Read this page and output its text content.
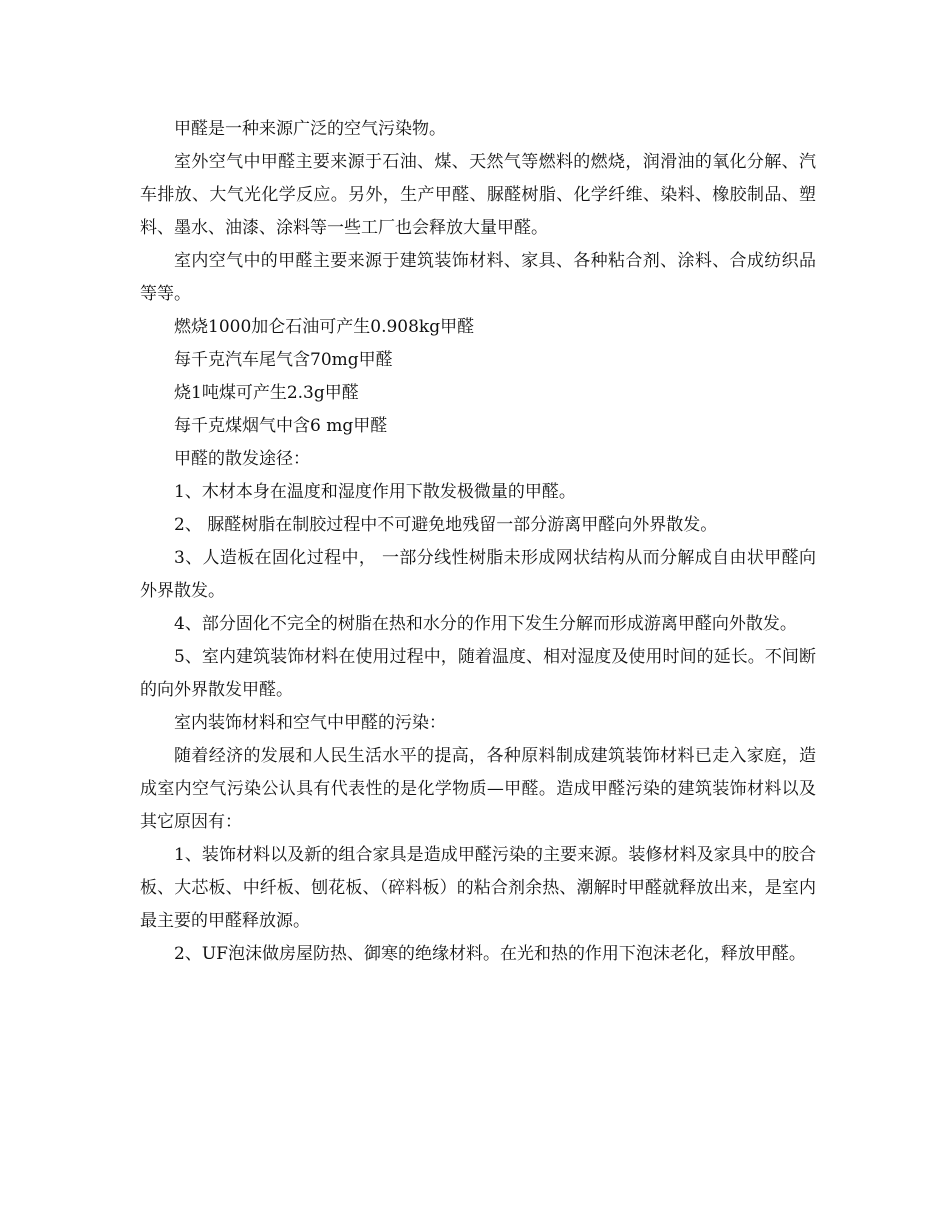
甲醛是一种来源广泛的空气污染物。

室外空气中甲醛主要来源于石油、煤、天然气等燃料的燃烧，润滑油的氧化分解、汽车排放、大气光化学反应。另外，生产甲醛、脲醛树脂、化学纤维、染料、橡胶制品、塑料、墨水、油漆、涂料等一些工厂也会释放大量甲醛。

室内空气中的甲醛主要来源于建筑装饰材料、家具、各种粘合剂、涂料、合成纺织品等等。

燃烧1000加仑石油可产生0.908kg甲醛

每千克汽车尾气含70mg甲醛

烧1吨煤可产生2.3g甲醛

每千克煤烟气中含6 mg甲醛

甲醛的散发途径：

1、木材本身在温度和湿度作用下散发极微量的甲醛。

2、 脲醛树脂在制胶过程中不可避免地残留一部分游离甲醛向外界散发。

3、人造板在固化过程中， 一部分线性树脂未形成网状结构从而分解成自由状甲醛向外界散发。

4、部分固化不完全的树脂在热和水分的作用下发生分解而形成游离甲醛向外散发。

5、室内建筑装饰材料在使用过程中，随着温度、相对湿度及使用时间的延长。不间断的向外界散发甲醛。

室内装饰材料和空气中甲醛的污染：

随着经济的发展和人民生活水平的提高，各种原料制成建筑装饰材料已走入家庭，造成室内空气污染公认具有代表性的是化学物质—甲醛。造成甲醛污染的建筑装饰材料以及其它原因有：

1、装饰材料以及新的组合家具是造成甲醛污染的主要来源。装修材料及家具中的胶合板、大芯板、中纤板、刨花板、（碎料板）的粘合剂余热、潮解时甲醛就释放出来，是室内最主要的甲醛释放源。

2、UF泡沫做房屋防热、御寒的绝缘材料。在光和热的作用下泡沫老化，释放甲醛。
